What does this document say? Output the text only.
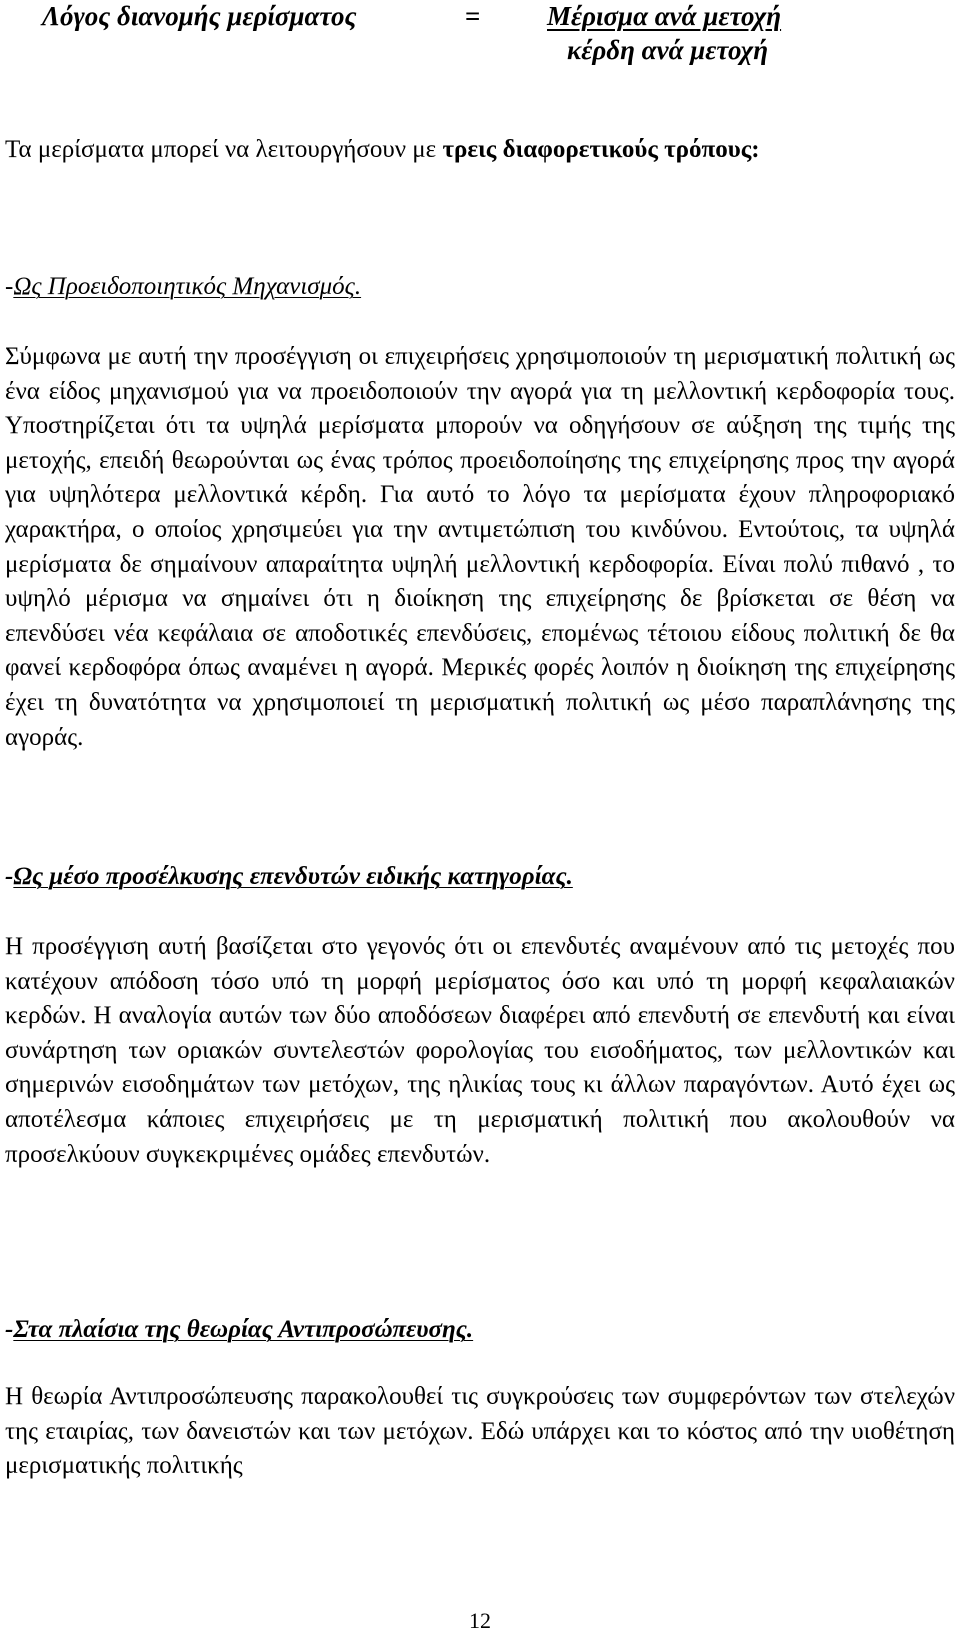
Λόγος διανομής μερίσματος	= Μέρισμα ανά μετοχή
κέρδη ανά μετοχή
Τα μερίσματα μπορεί να λειτουργήσουν με τρεις διαφορετικούς τρόπους:
-Ως Προειδοποιητικός Μηχανισμός.
Σύμφωνα με αυτή την προσέγγιση οι επιχειρήσεις χρησιμοποιούν τη μερισματική πολιτική ως ένα είδος μηχανισμού για να προειδοποιούν την αγορά για τη μελλοντική κερδοφορία τους. Υποστηρίζεται ότι τα υψηλά μερίσματα μπορούν να οδηγήσουν σε αύξηση της τιμής της μετοχής, επειδή θεωρούνται ως ένας τρόπος προειδοποίησης της επιχείρησης προς την αγορά για υψηλότερα μελλοντικά κέρδη. Για αυτό το λόγο τα μερίσματα έχουν πληροφοριακό χαρακτήρα, ο οποίος χρησιμεύει για την αντιμετώπιση του κινδύνου. Εντούτοις, τα υψηλά μερίσματα δε σημαίνουν απαραίτητα υψηλή μελλοντική κερδοφορία. Είναι πολύ πιθανό , το υψηλό μέρισμα να σημαίνει ότι η διοίκηση της επιχείρησης δε βρίσκεται σε θέση να επενδύσει νέα κεφάλαια σε αποδοτικές επενδύσεις, επομένως τέτοιου είδους πολιτική δε θα φανεί κερδοφόρα όπως αναμένει η αγορά. Μερικές φορές λοιπόν η διοίκηση της επιχείρησης έχει τη δυνατότητα να χρησιμοποιεί τη μερισματική πολιτική ως μέσο παραπλάνησης της αγοράς.
-Ως μέσο προσέλκυσης επενδυτών ειδικής κατηγορίας.
Η προσέγγιση αυτή βασίζεται στο γεγονός ότι οι επενδυτές αναμένουν από τις μετοχές που κατέχουν απόδοση τόσο υπό τη μορφή μερίσματος όσο και υπό τη μορφή κεφαλαιακών κερδών. Η αναλογία αυτών των δύο αποδόσεων διαφέρει από επενδυτή σε επενδυτή και είναι συνάρτηση των οριακών συντελεστών φορολογίας του εισοδήματος, των μελλοντικών και σημερινών εισοδημάτων των μετόχων, της ηλικίας τους κι άλλων παραγόντων. Αυτό έχει ως αποτέλεσμα κάποιες επιχειρήσεις με τη μερισματική πολιτική που ακολουθούν να προσελκύουν συγκεκριμένες ομάδες επενδυτών.
-Στα πλαίσια της θεωρίας Αντιπροσώπευσης.
Η θεωρία Αντιπροσώπευσης παρακολουθεί τις συγκρούσεις των συμφερόντων των στελεχών της εταιρίας, των δανειστών και των μετόχων. Εδώ υπάρχει και το κόστος από την υιοθέτηση μερισματικής πολιτικής
12
